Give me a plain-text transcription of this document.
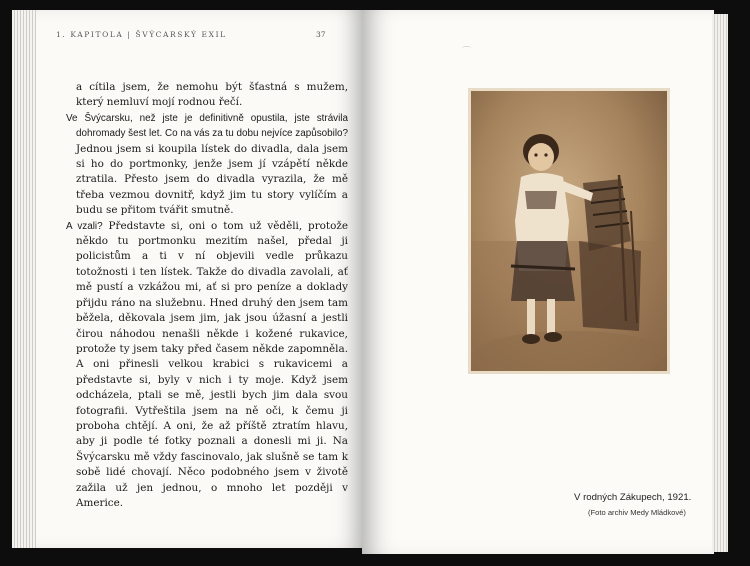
1. KAPITOLA | ŠVÝCARSKÝ EXIL	37

a cítila jsem, že nemohu být šťastná s mužem, který nemluví mojí rodnou řečí.

Ve Švýcarsku, než jste je definitivně opustila, jste strávila dohromady šest let. Co na vás za tu dobu nejvíce zapůsobilo? Jednou jsem si koupila lístek do divadla, dala jsem si ho do portmonky, jenže jsem jí vzápětí někde ztratila. Přesto jsem do divadla vyrazila, že mě třeba vezmou dovnitř, když jim tu story vylíčím a budu se přitom tvářit smutně.

A vzali? Představte si, oni o tom už věděli, protože někdo tu portmonku mezitím našel, předal ji policistům a ti v ní objevili vedle průkazu totožnosti i ten lístek. Takže do divadla zavolali, ať mě pustí a vzkážou mi, ať si pro peníze a doklady přijdu ráno na služebnu. Hned druhý den jsem tam běžela, děkovala jsem jim, jak jsou úžasní a jestli čirou náhodou nenašli někde i kožené rukavice, protože ty jsem taky před časem někde zapomněla. A oni přinesli velkou krabici s rukavicemi a představte si, byly v nich i ty moje. Když jsem odcházela, ptali se mě, jestli bych jim dala svou fotografii. Vytřeštila jsem na ně oči, k čemu ji proboha chtějí. A oni, že až příště ztratím hlavu, aby ji podle té fotky poznali a donesli mi ji. Na Švýcarsku mě vždy fascinovalo, jak slušně se tam k sobě lidé chovají. Něco podobného jsem v životě zažila už jen jednou, o mnoho let později v Americe.

⌒
V rodných Zákupech, 1921.
(Foto archiv Medy Mládkové)
